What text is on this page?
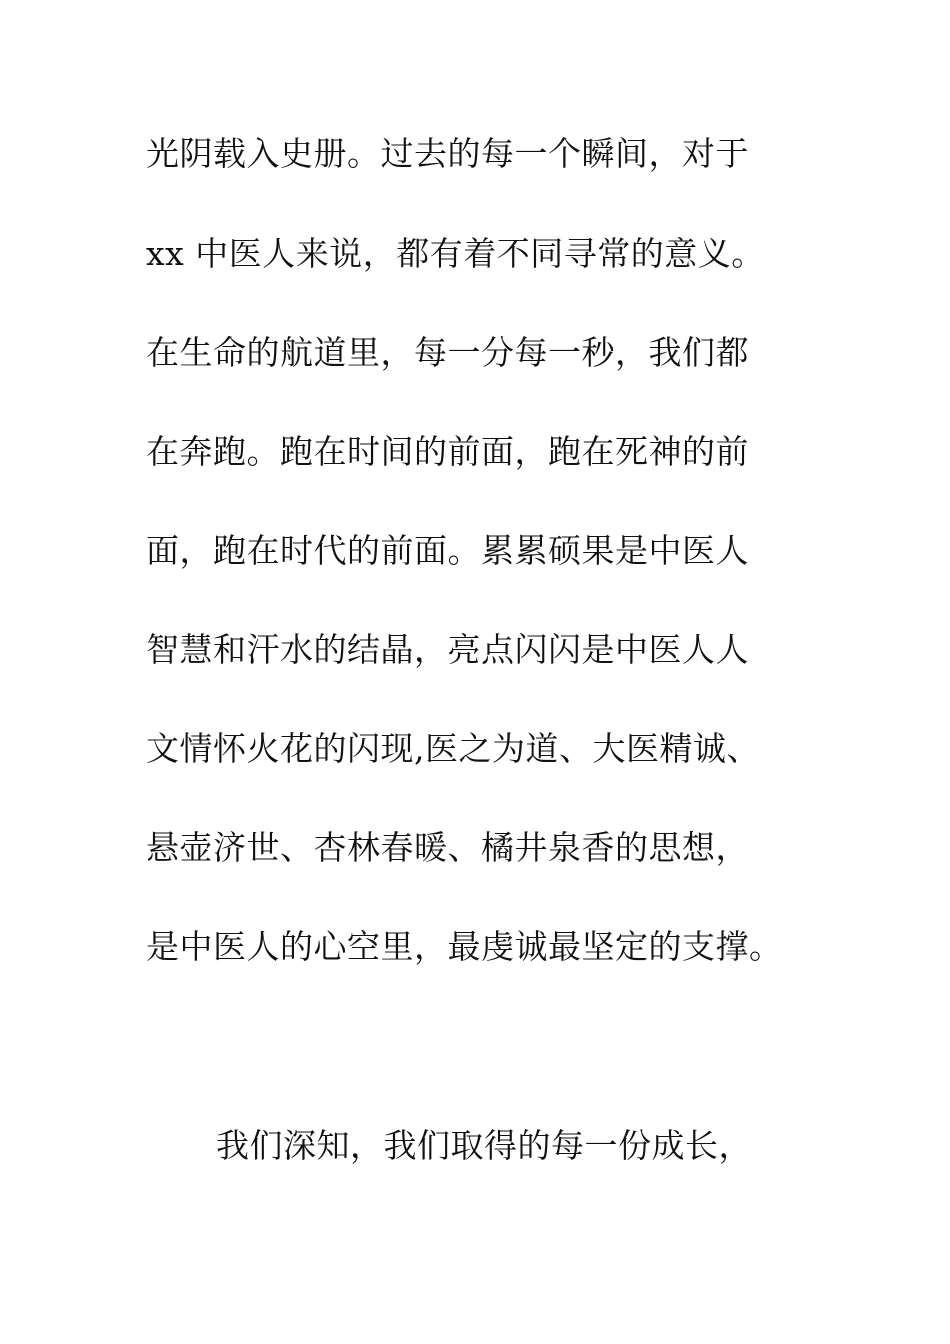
光阴载入史册。过去的每一个瞬间，对于
xx 中医人来说，都有着不同寻常的意义。
在生命的航道里，每一分每一秒，我们都
在奔跑。跑在时间的前面，跑在死神的前
面，跑在时代的前面。累累硕果是中医人
智慧和汗水的结晶，亮点闪闪是中医人人
文情怀火花的闪现,医之为道、大医精诚、
悬壶济世、杏林春暖、橘井泉香的思想，
是中医人的心空里，最虔诚最坚定的支撑。
我们深知，我们取得的每一份成长，
